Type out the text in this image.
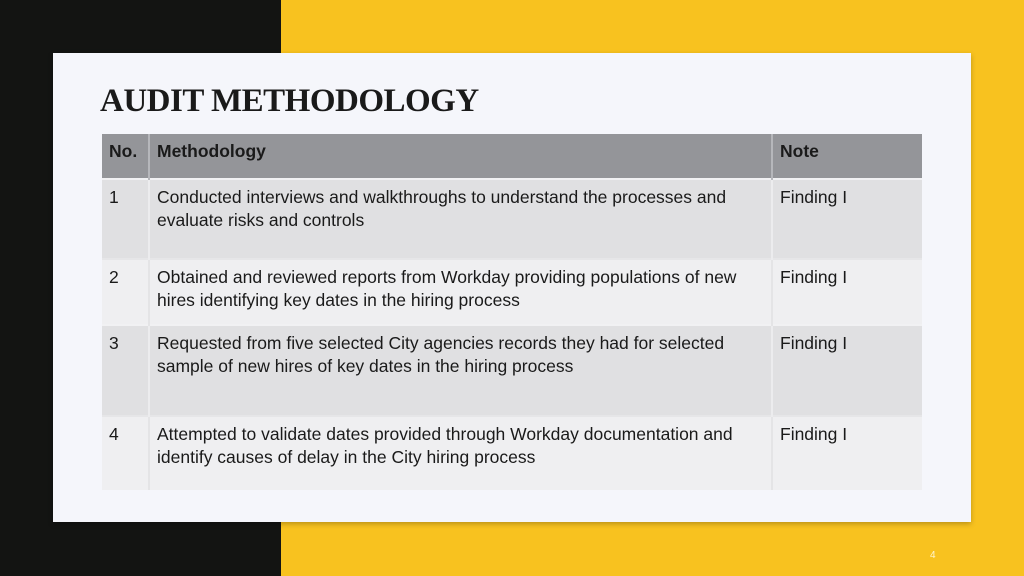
AUDIT METHODOLOGY
No.	Methodology	Note
1	Conducted interviews and walkthroughs to understand the processes and evaluate risks and controls	Finding I
2	Obtained and reviewed reports from Workday providing populations of new hires identifying key dates in the hiring process	Finding I
3	Requested from five selected City agencies records they had for selected sample of new hires of key dates in the hiring process	Finding I
4	Attempted to validate dates provided through Workday documentation and identify causes of delay in the City hiring process	Finding I
4
